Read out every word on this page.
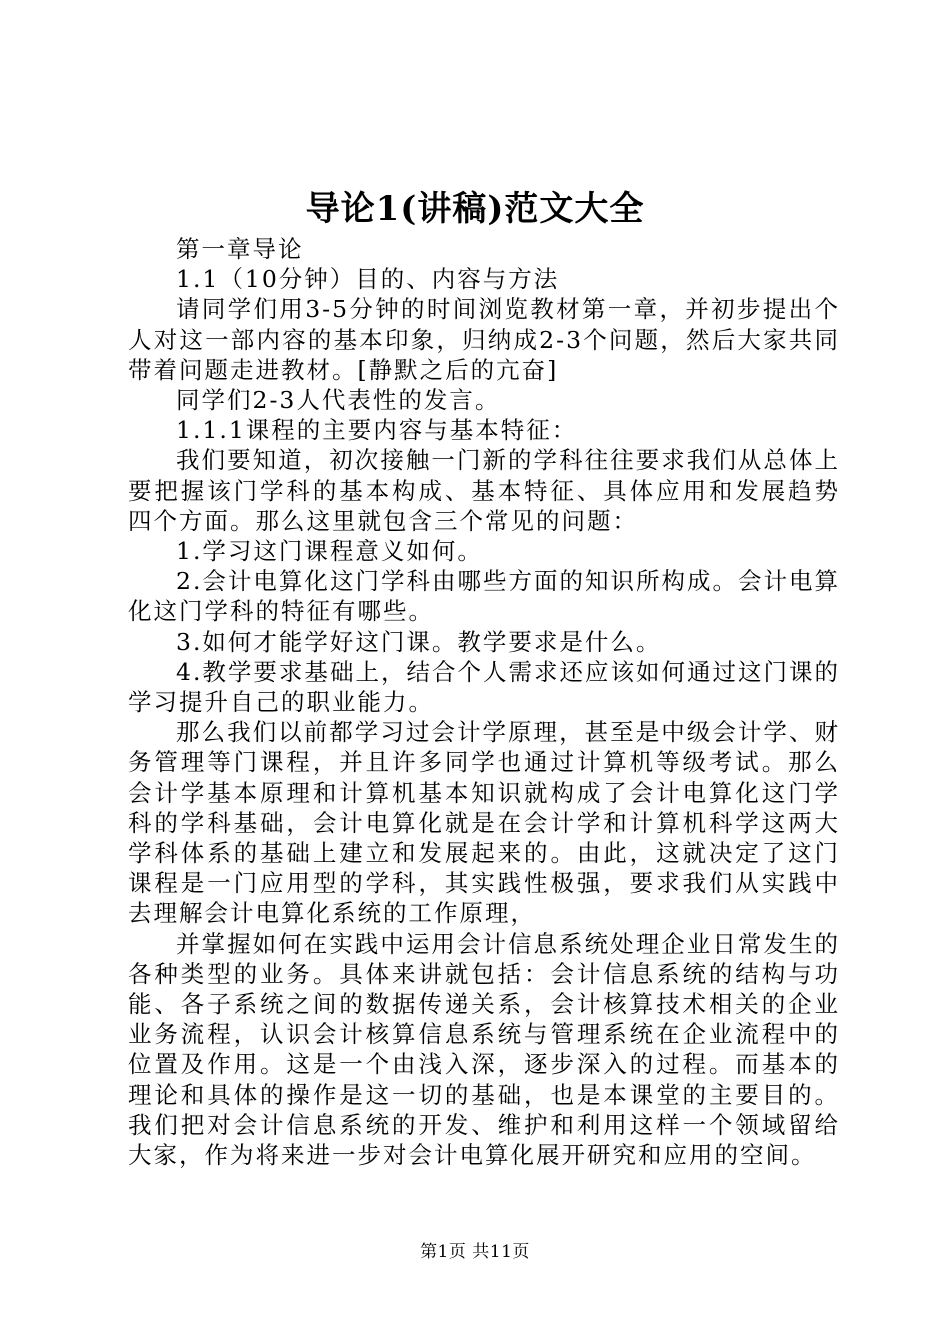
导论1(讲稿)范文大全

第一章导论

1.1（10分钟）目的、内容与方法

请同学们用3-5分钟的时间浏览教材第一章，并初步提出个人对这一部内容的基本印象，归纳成2-3个问题，然后大家共同带着问题走进教材。[静默之后的亢奋]

同学们2-3人代表性的发言。

1.1.1课程的主要内容与基本特征：

我们要知道，初次接触一门新的学科往往要求我们从总体上要把握该门学科的基本构成、基本特征、具体应用和发展趋势四个方面。那么这里就包含三个常见的问题：

1.学习这门课程意义如何。

2.会计电算化这门学科由哪些方面的知识所构成。会计电算化这门学科的特征有哪些。

3.如何才能学好这门课。教学要求是什么。

4.教学要求基础上，结合个人需求还应该如何通过这门课的学习提升自己的职业能力。

那么我们以前都学习过会计学原理，甚至是中级会计学、财务管理等门课程，并且许多同学也通过计算机等级考试。那么会计学基本原理和计算机基本知识就构成了会计电算化这门学科的学科基础，会计电算化就是在会计学和计算机科学这两大学科体系的基础上建立和发展起来的。由此，这就决定了这门课程是一门应用型的学科，其实践性极强，要求我们从实践中去理解会计电算化系统的工作原理，

并掌握如何在实践中运用会计信息系统处理企业日常发生的各种类型的业务。具体来讲就包括：会计信息系统的结构与功能、各子系统之间的数据传递关系，会计核算技术相关的企业业务流程，认识会计核算信息系统与管理系统在企业流程中的位置及作用。这是一个由浅入深，逐步深入的过程。而基本的理论和具体的操作是这一切的基础，也是本课堂的主要目的。我们把对会计信息系统的开发、维护和利用这样一个领域留给大家，作为将来进一步对会计电算化展开研究和应用的空间。

第1页 共11页
